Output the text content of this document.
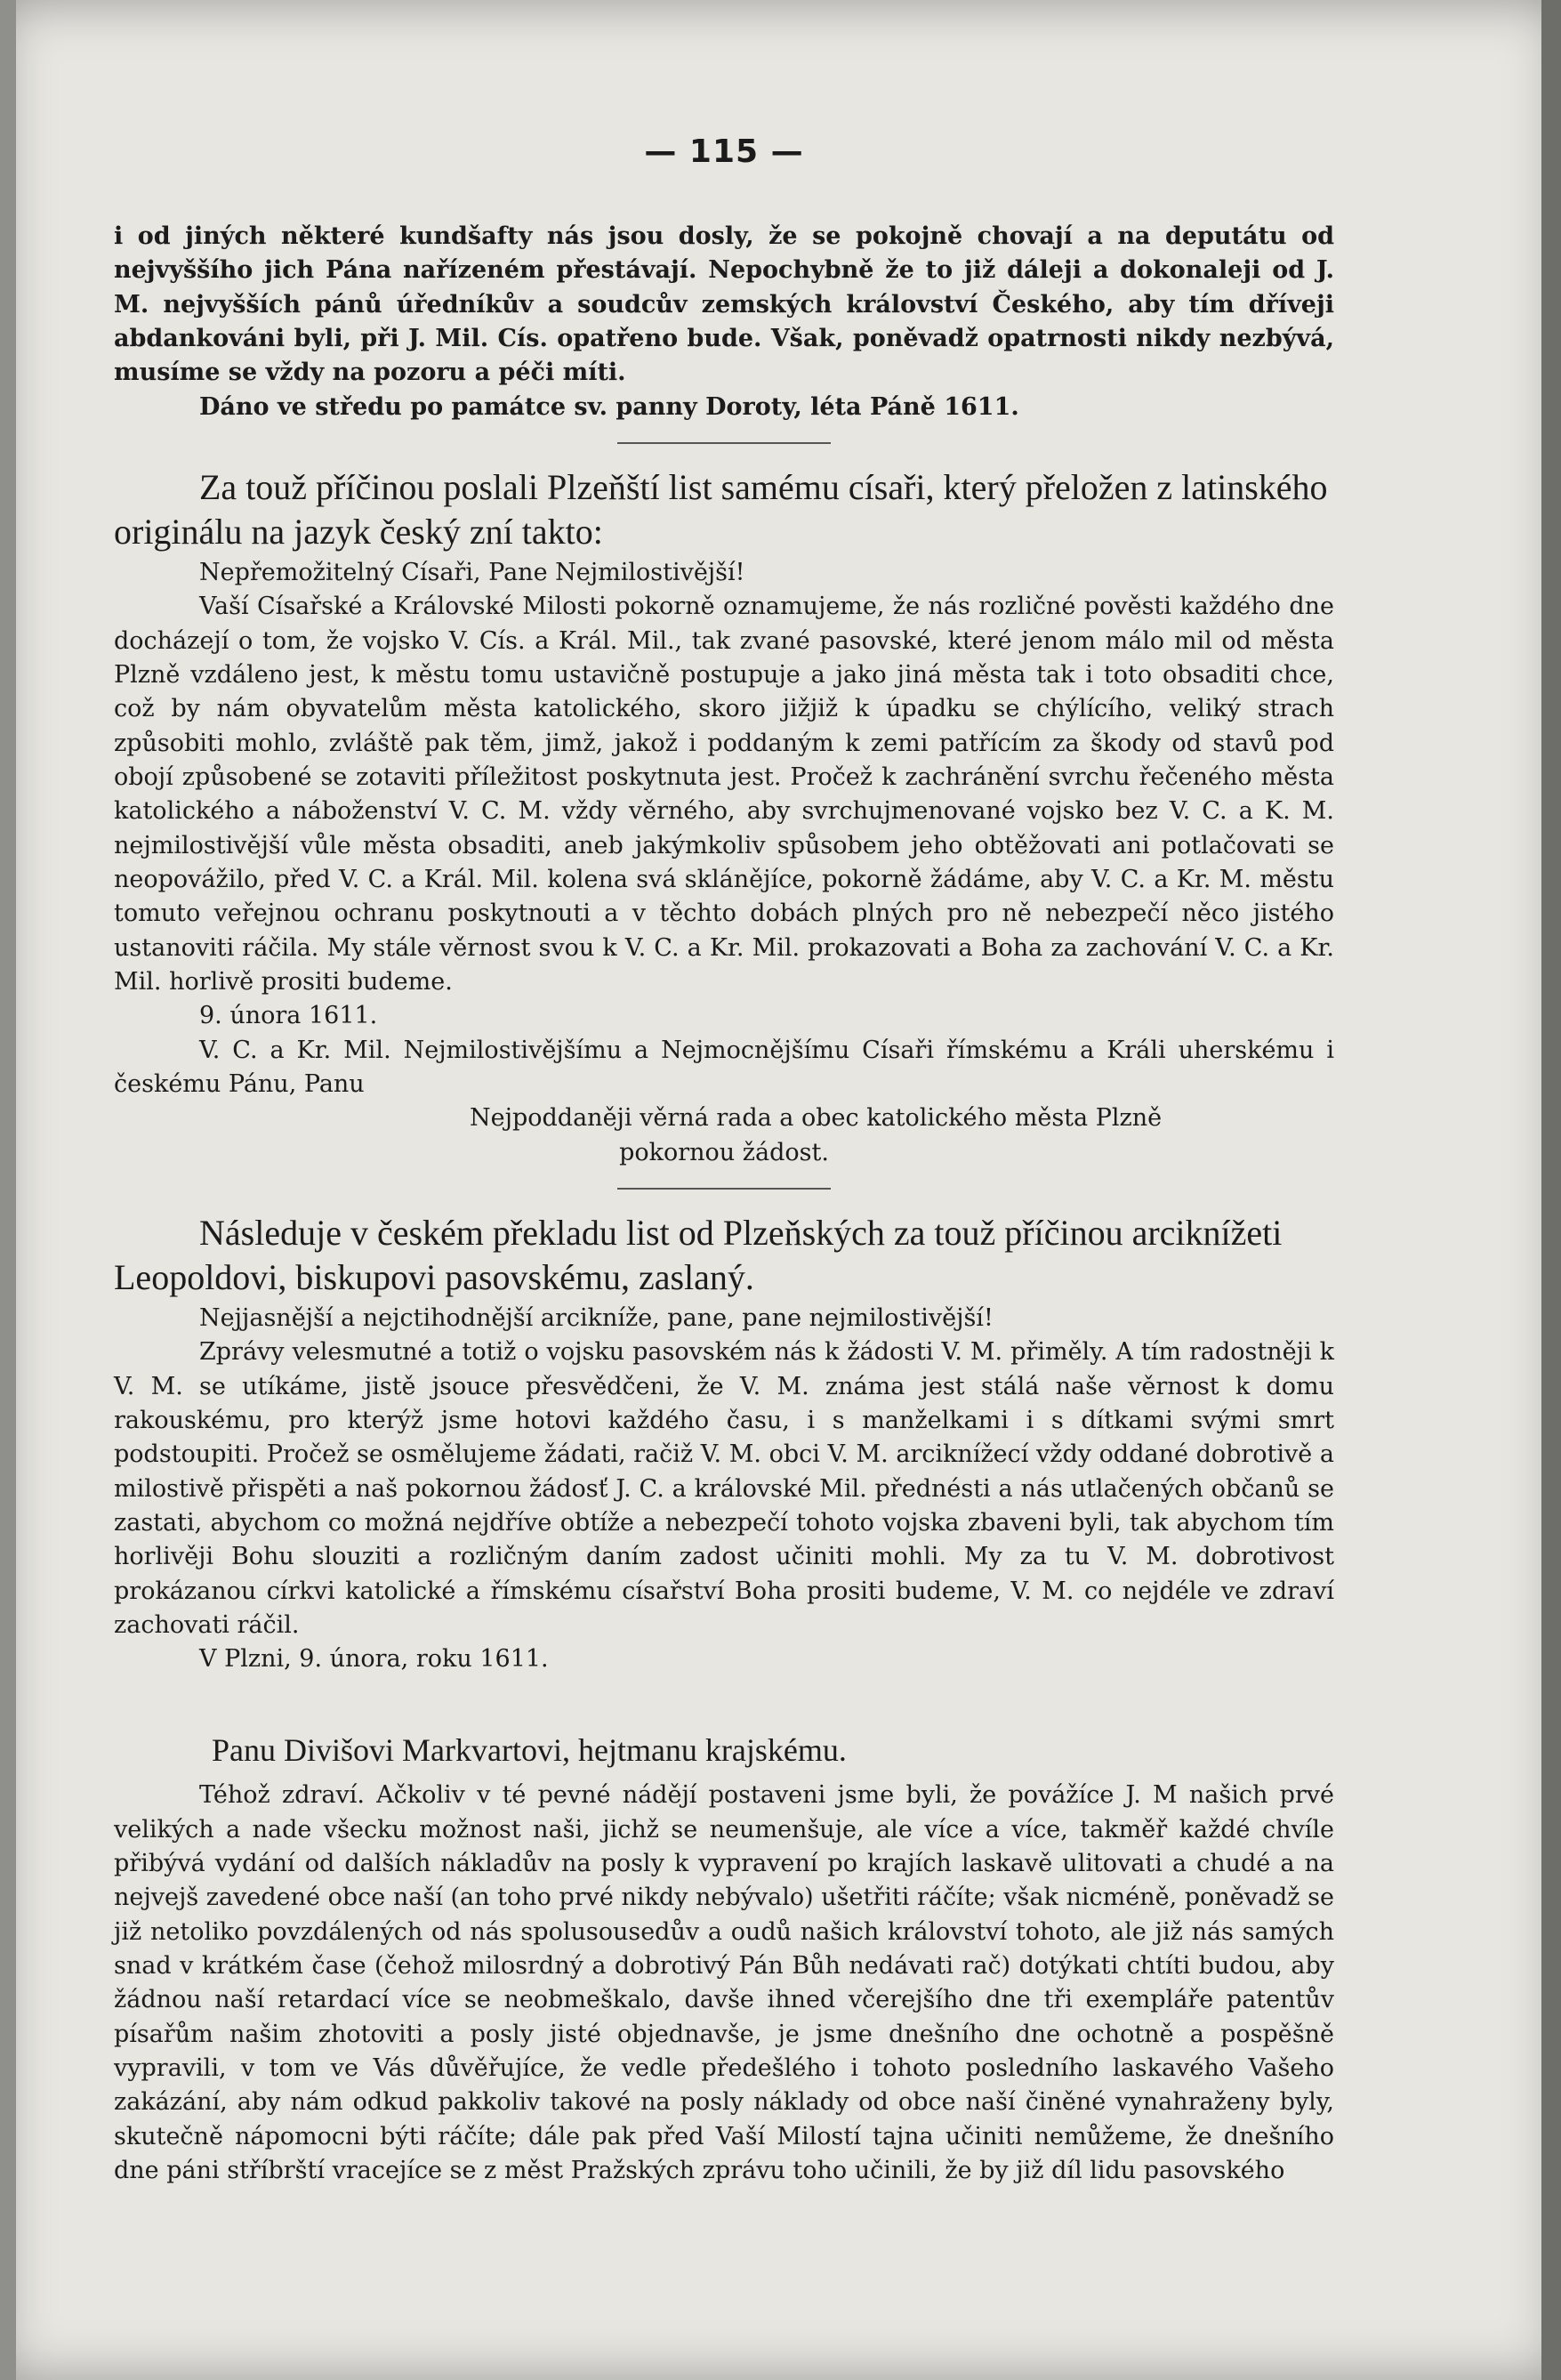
— 115 —

i od jiných některé kundšafty nás jsou dosly, že se pokojně chovají a na deputátu od nejvyššího jich Pána nařízeném přestávají. Nepochybně že to již dáleji a dokonaleji od J. M. nejvyšších pánů úředníkův a soudcův zemských království Českého, aby tím dříveji abdankováni byli, při J. Mil. Cís. opatřeno bude. Však, poněvadž opatrnosti nikdy nezbývá, musíme se vždy na pozoru a péči míti.

Dáno ve středu po památce sv. panny Doroty, léta Páně 1611.

Za touž příčinou poslali Plzeňští list samému císaři, který přeložen z latinského originálu na jazyk český zní takto:

Nepřemožitelný Císaři, Pane Nejmilostivější!

Vaší Císařské a Královské Milosti pokorně oznamujeme, že nás rozličné pověsti každého dne docházejí o tom, že vojsko V. Cís. a Král. Mil., tak zvané pasovské, které jenom málo mil od města Plzně vzdáleno jest, k městu tomu ustavičně postupuje a jako jiná města tak i toto obsaditi chce, což by nám obyvatelům města katolického, skoro jižjiž k úpadku se chýlícího, veliký strach způsobiti mohlo, zvláště pak těm, jimž, jakož i poddaným k zemi patřícím za škody od stavů pod obojí způsobené se zotaviti příležitost poskytnuta jest. Pročež k zachránění svrchu řečeného města katolického a náboženství V. C. M. vždy věrného, aby svrchujmenované vojsko bez V. C. a K. M. nejmilostivější vůle města obsaditi, aneb jakýmkoliv spůsobem jeho obtěžovati ani potlačovati se neopovážilo, před V. C. a Král. Mil. kolena svá sklánějíce, pokorně žádáme, aby V. C. a Kr. M. městu tomuto veřejnou ochranu poskytnouti a v těchto dobách plných pro ně nebezpečí něco jistého ustanoviti ráčila. My stále věrnost svou k V. C. a Kr. Mil. prokazovati a Boha za zachování V. C. a Kr. Mil. horlivě prositi budeme.

9. února 1611.

V. C. a Kr. Mil. Nejmilostivějšímu a Nejmocnějšímu Císaři římskému a Králi uherskému i českému Pánu, Panu

Nejpoddaněji věrná rada a obec katolického města Plzně

pokornou žádost.

Následuje v českém překladu list od Plzeňských za touž příčinou arciknížeti Leopoldovi, biskupovi pasovskému, zaslaný.

Nejjasnější a nejctihodnější arcikníže, pane, pane nejmilostivější!

Zprávy velesmutné a totiž o vojsku pasovském nás k žádosti V. M. přiměly. A tím radostněji k V. M. se utíkáme, jistě jsouce přesvědčeni, že V. M. známa jest stálá naše věrnost k domu rakouskému, pro kterýž jsme hotovi každého času, i s manželkami i s dítkami svými smrt podstoupiti. Pročež se osmělujeme žádati, račiž V. M. obci V. M. arciknížecí vždy oddané dobrotivě a milostivě přispěti a naš pokornou žádosť J. C. a královské Mil. přednésti a nás utlačených občanů se zastati, abychom co možná nejdříve obtíže a nebezpečí tohoto vojska zbaveni byli, tak abychom tím horlivěji Bohu slouziti a rozličným daním zadost učiniti mohli. My za tu V. M. dobrotivost prokázanou církvi katolické a římskému císařství Boha prositi budeme, V. M. co nejdéle ve zdraví zachovati ráčil.

V Plzni, 9. února, roku 1611.

Panu Divišovi Markvartovi, hejtmanu krajskému.

Téhož zdraví. Ačkoliv v té pevné nádějí postaveni jsme byli, že povážíce J. M našich prvé velikých a nade všecku možnost naši, jichž se neumenšuje, ale více a více, takměř každé chvíle přibývá vydání od dalších nákladův na posly k vypravení po krajích laskavě ulitovati a chudé a na nejvejš zavedené obce naší (an toho prvé nikdy nebývalo) ušetřiti ráčíte; však nicméně, poněvadž se již netoliko povzdálených od nás spolusousedův a oudů našich království tohoto, ale již nás samých snad v krátkém čase (čehož milosrdný a dobrotivý Pán Bůh nedávati rač) dotýkati chtíti budou, aby žádnou naší retardací více se neobmeškalo, davše ihned včerejšího dne tři exempláře patentův písařům našim zhotoviti a posly jisté objednavše, je jsme dnešního dne ochotně a pospěšně vypravili, v tom ve Vás důvěřujíce, že vedle předešlého i tohoto posledního laskavého Vašeho zakázání, aby nám odkud pakkoliv takové na posly náklady od obce naší činěné vynahraženy byly, skutečně nápomocni býti ráčíte; dále pak před Vaší Milostí tajna učiniti nemůžeme, že dnešního dne páni stříbrští vracejíce se z měst Pražských zprávu toho učinili, že by již díl lidu pasovského
